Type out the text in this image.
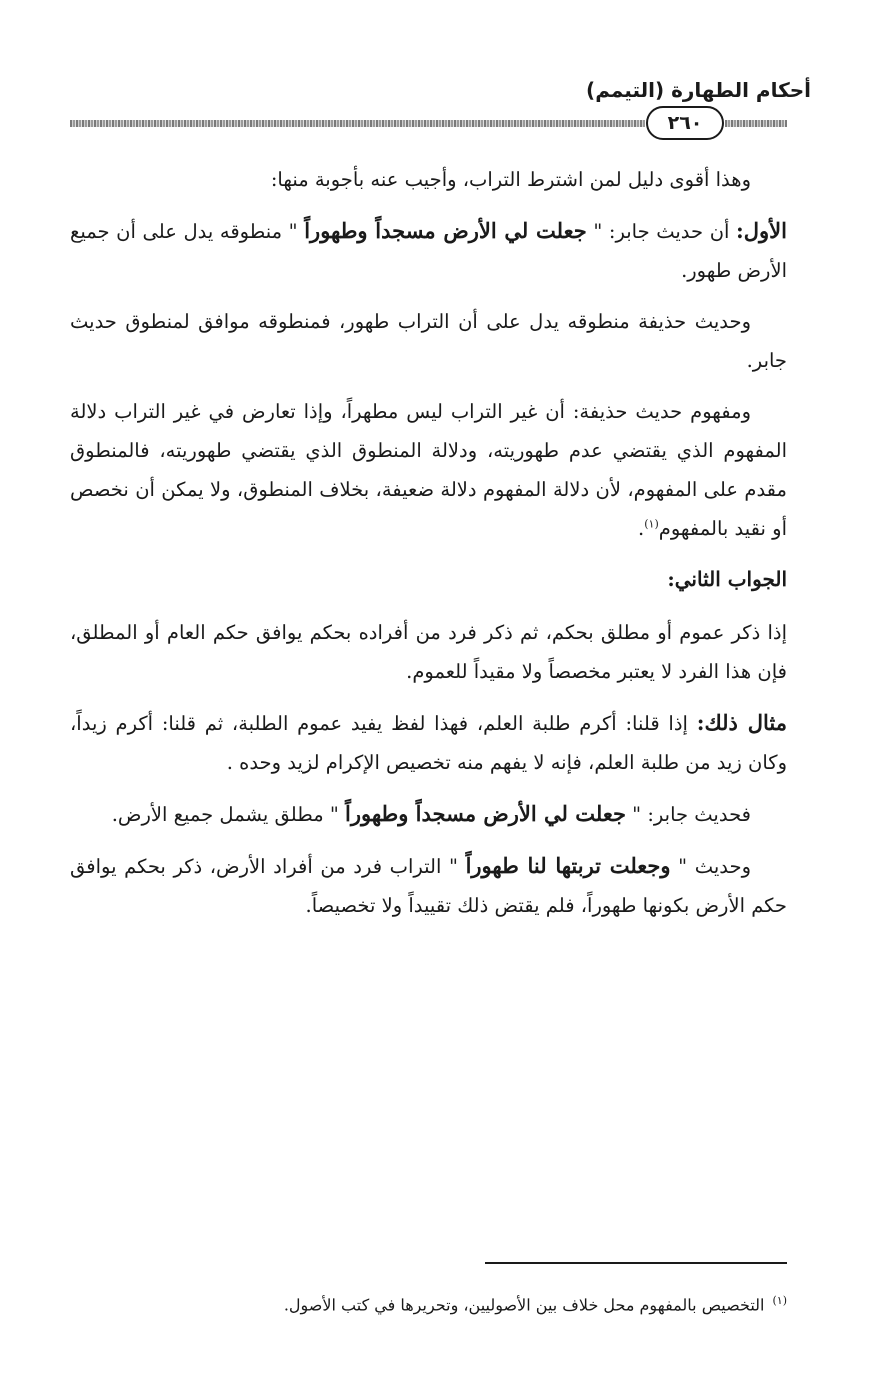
أحكام الطهارة (التيمم)
٢٦٠

وهذا أقوى دليل لمن اشترط التراب، وأجيب عنه بأجوبة منها:

الأول: أن حديث جابر: " جعلت لي الأرض مسجداً وطهوراً " منطوقه يدل على أن جميع الأرض طهور.

وحديث حذيفة منطوقه يدل على أن التراب طهور، فمنطوقه موافق لمنطوق حديث جابر.

ومفهوم حديث حذيفة: أن غير التراب ليس مطهراً، وإذا تعارض في غير التراب دلالة المفهوم الذي يقتضي عدم طهوريته، ودلالة المنطوق الذي يقتضي طهوريته، فالمنطوق مقدم على المفهوم، لأن دلالة المفهوم دلالة ضعيفة، بخلاف المنطوق، ولا يمكن أن نخصص أو نقيد بالمفهوم$^{(١)}$.

الجواب الثاني:

إذا ذكر عموم أو مطلق بحكم، ثم ذكر فرد من أفراده بحكم يوافق حكم العام أو المطلق، فإن هذا الفرد لا يعتبر مخصصاً ولا مقيداً للعموم.

مثال ذلك: إذا قلنا: أكرم طلبة العلم، فهذا لفظ يفيد عموم الطلبة، ثم قلنا: أكرم زيداً، وكان زيد من طلبة العلم، فإنه لا يفهم منه تخصيص الإكرام لزيد وحده .

فحديث جابر: " جعلت لي الأرض مسجداً وطهوراً " مطلق يشمل جميع الأرض.

وحديث " وجعلت تربتها لنا طهوراً " التراب فرد من أفراد الأرض، ذكر بحكم يوافق حكم الأرض بكونها طهوراً، فلم يقتض ذلك تقييداً ولا تخصيصاً.

$^{(١)}$التخصيص بالمفهوم محل خلاف بين الأصوليين، وتحريرها في كتب الأصول.
